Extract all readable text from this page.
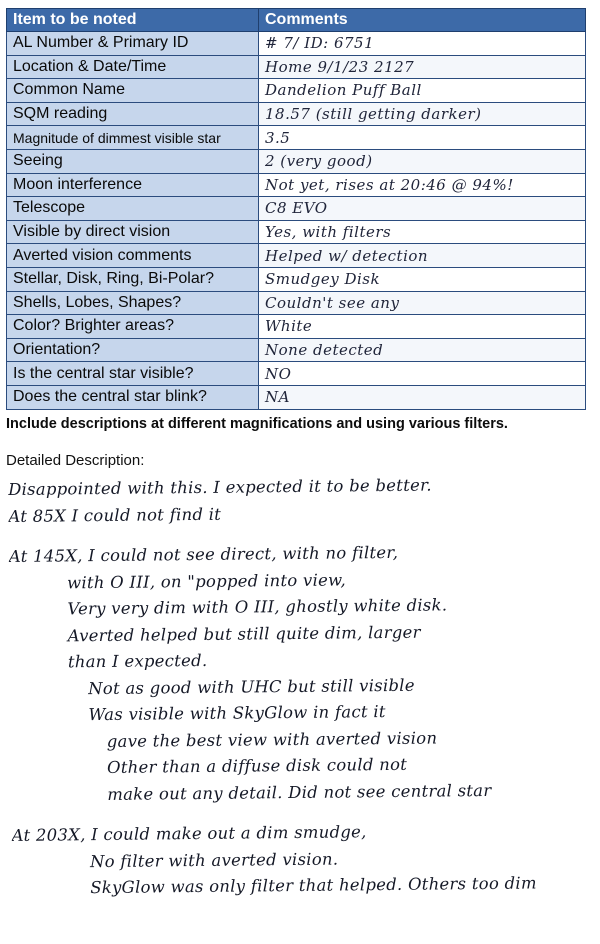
Item to be noted	Comments
AL Number & Primary ID	# 7/ ID: 6751
Location & Date/Time	Home 9/1/23 2127
Common Name	Dandelion Puff Ball
SQM reading	18.57 (still getting darker)
Magnitude of dimmest visible star	3.5
Seeing	2 (very good)
Moon interference	Not yet, rises at 20:46 @ 94%!
Telescope	C8 EVO
Visible by direct vision	Yes, with filters
Averted vision comments	Helped w/ detection
Stellar, Disk, Ring, Bi-Polar?	Smudgey Disk
Shells, Lobes, Shapes?	Couldn't see any
Color? Brighter areas?	White
Orientation?	None detected
Is the central star visible?	NO
Does the central star blink?	NA
Include descriptions at different magnifications and using various filters.
Detailed Description:
Disappointed with this. I expected it to be better.
At 85X I could not find it
At 145X, I could not see direct, with no filter,
with O III, on "popped into view,
Very very dim with O III, ghostly white disk.
Averted helped but still quite dim, larger
than I expected.
Not as good with UHC but still visible
Was visible with SkyGlow in fact it
gave the best view with averted vision
Other than a diffuse disk could not
make out any detail. Did not see central star
At 203X, I could make out a dim smudge,
No filter with averted vision.
SkyGlow was only filter that helped. Others too dim
